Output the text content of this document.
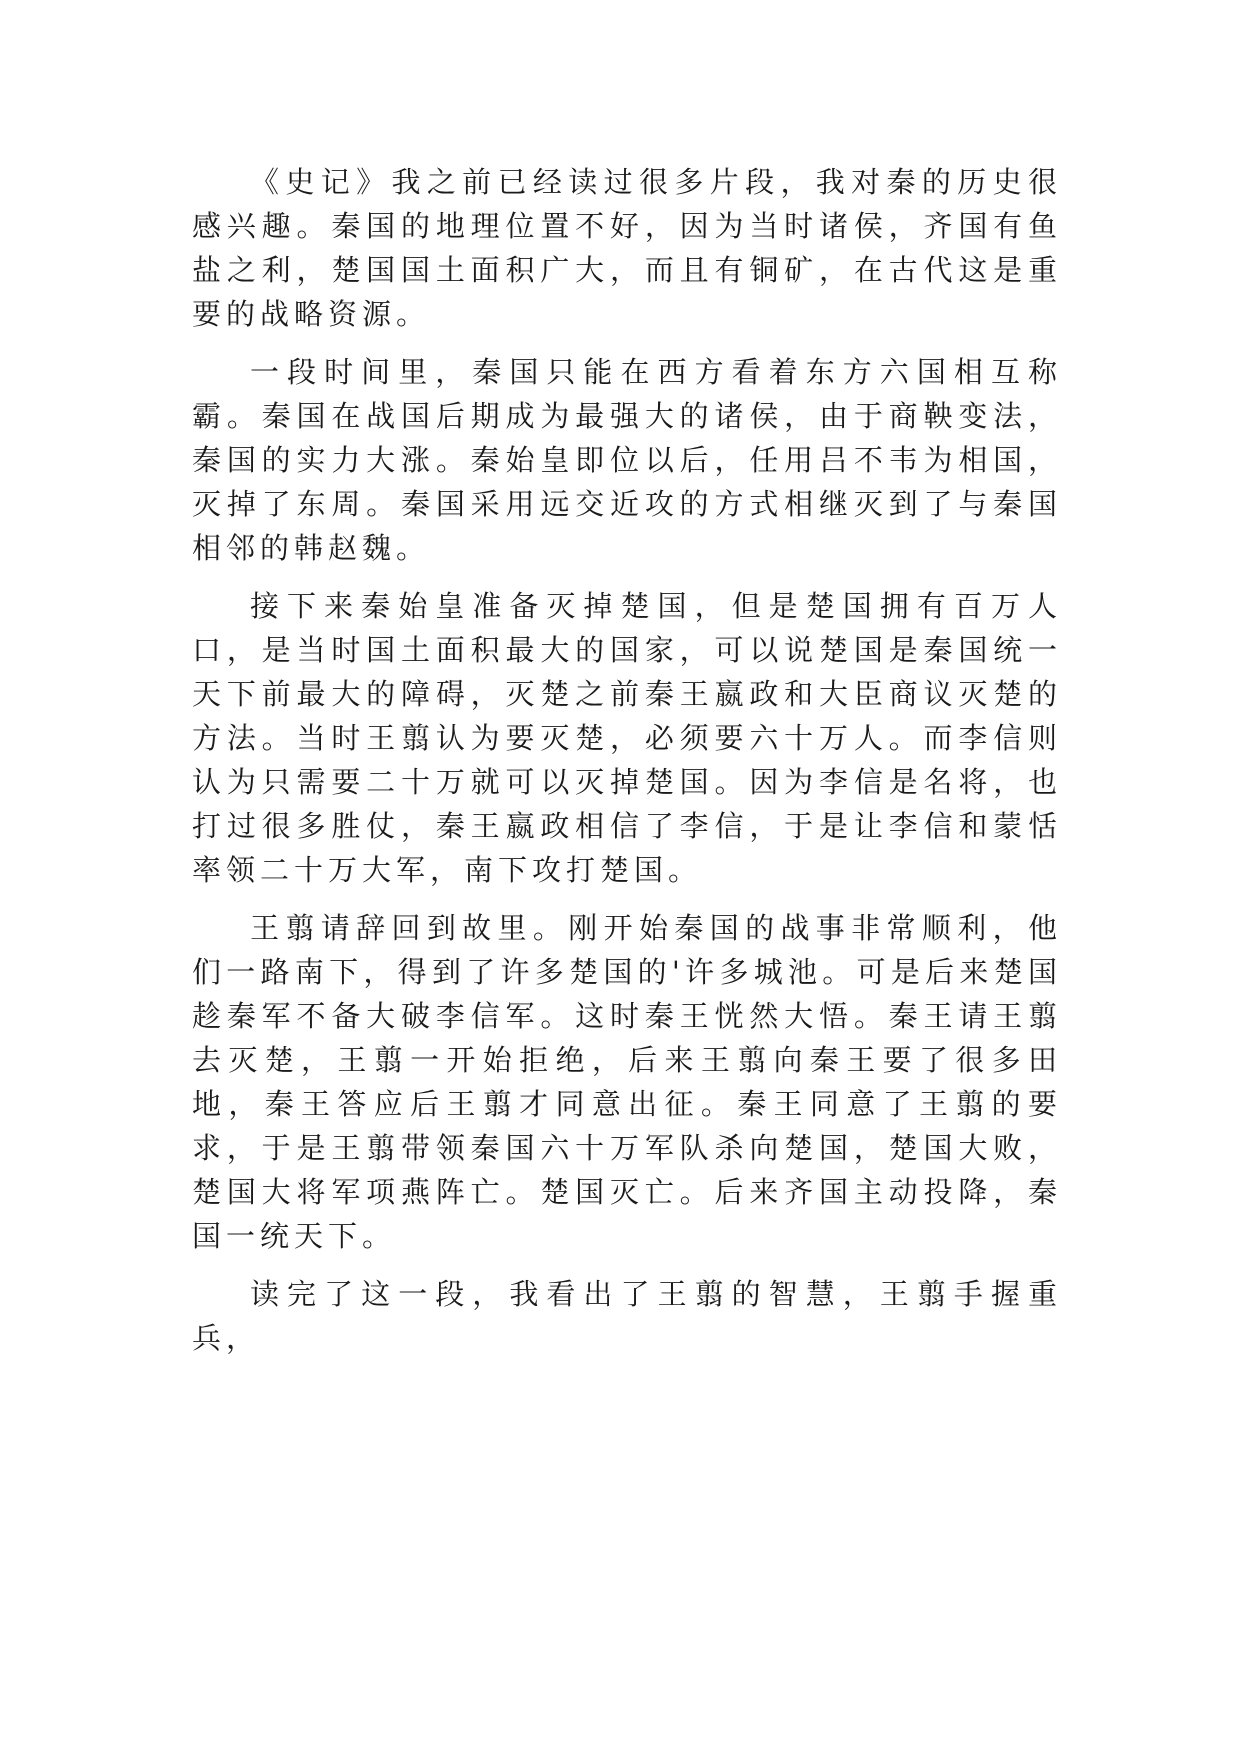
《史记》我之前已经读过很多片段，我对秦的历史很感兴趣。秦国的地理位置不好，因为当时诸侯，齐国有鱼盐之利，楚国国土面积广大，而且有铜矿，在古代这是重要的战略资源。

一段时间里，秦国只能在西方看着东方六国相互称霸。秦国在战国后期成为最强大的诸侯，由于商鞅变法，秦国的实力大涨。秦始皇即位以后，任用吕不韦为相国，灭掉了东周。秦国采用远交近攻的方式相继灭到了与秦国相邻的韩赵魏。

接下来秦始皇准备灭掉楚国，但是楚国拥有百万人口，是当时国土面积最大的国家，可以说楚国是秦国统一天下前最大的障碍，灭楚之前秦王嬴政和大臣商议灭楚的方法。当时王翦认为要灭楚，必须要六十万人。而李信则认为只需要二十万就可以灭掉楚国。因为李信是名将，也打过很多胜仗，秦王嬴政相信了李信，于是让李信和蒙恬率领二十万大军，南下攻打楚国。

王翦请辞回到故里。刚开始秦国的战事非常顺利，他们一路南下，得到了许多楚国的'许多城池。可是后来楚国趁秦军不备大破李信军。这时秦王恍然大悟。秦王请王翦去灭楚，王翦一开始拒绝，后来王翦向秦王要了很多田地，秦王答应后王翦才同意出征。秦王同意了王翦的要求，于是王翦带领秦国六十万军队杀向楚国，楚国大败，楚国大将军项燕阵亡。楚国灭亡。后来齐国主动投降，秦国一统天下。

读完了这一段，我看出了王翦的智慧，王翦手握重兵，
